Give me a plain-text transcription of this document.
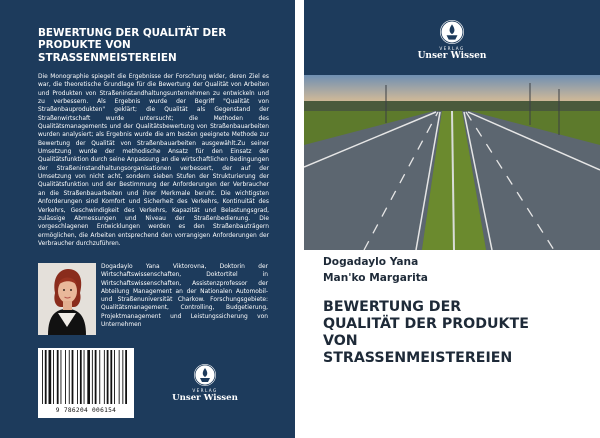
BEWERTUNG DER QUALITÄT DER
PRODUKTE VON
STRASSENMEISTEREIEN

Die Monographie spiegelt die Ergebnisse der Forschung wider, deren Ziel es war, die theoretische Grundlage für die Bewertung der Qualität von Arbeiten und Produkten von Straßeninstandhaltungsunternehmen zu entwickeln und zu verbessern. Als Ergebnis wurde der Begriff "Qualität von Straßenbauprodukten" geklärt; die Qualität als Gegenstand der Straßenwirtschaft wurde untersucht; die Methoden des Qualitätsmanagements und der Qualitätsbewertung von Straßenbauarbeiten wurden analysiert; als Ergebnis wurde die am besten geeignete Methode zur Bewertung der Qualität von Straßenbauarbeiten ausgewählt.Zu seiner Umsetzung wurde der methodische Ansatz für den Einsatz der Qualitätsfunktion durch seine Anpassung an die wirtschaftlichen Bedingungen der Straßeninstandhaltungsorganisationen verbessert, der auf der Umsetzung von nicht acht, sondern sieben Stufen der Strukturierung der Qualitätsfunktion und der Bestimmung der Anforderungen der Verbraucher an die Straßenbauarbeiten und ihrer Merkmale beruht. Die wichtigsten Anforderungen sind Komfort und Sicherheit des Verkehrs, Kontinuität des Verkehrs, Geschwindigkeit des Verkehrs, Kapazität und Belastungsgrad, zulässige Abmessungen und Niveau der Straßenbedienung. Die vorgeschlagenen Entwicklungen werden es den Straßenbauträgern ermöglichen, die Arbeiten entsprechend den vorrangigen Anforderungen der Verbraucher durchzuführen.

Dogadaylo Yana Viktorovna, Doktorin der Wirtschaftswissenschaften, Doktortitel in Wirtschaftswissenschaften, Assistenzprofessor der Abteilung Management an der Nationalen Automobil- und Straßenuniversität Charkow. Forschungsgebiete: Qualitätsmanagement, Controlling, Budgetierung, Projektmanagement und Leistungssicherung von Unternehmen

9 786204 006154
VERLAG
Unser Wissen
VERLAG
Unser Wissen
Dogadaylo Yana
Man'ko Margarita
BEWERTUNG DER
QUALITÄT DER PRODUKTE
VON
STRASSENMEISTEREIEN
